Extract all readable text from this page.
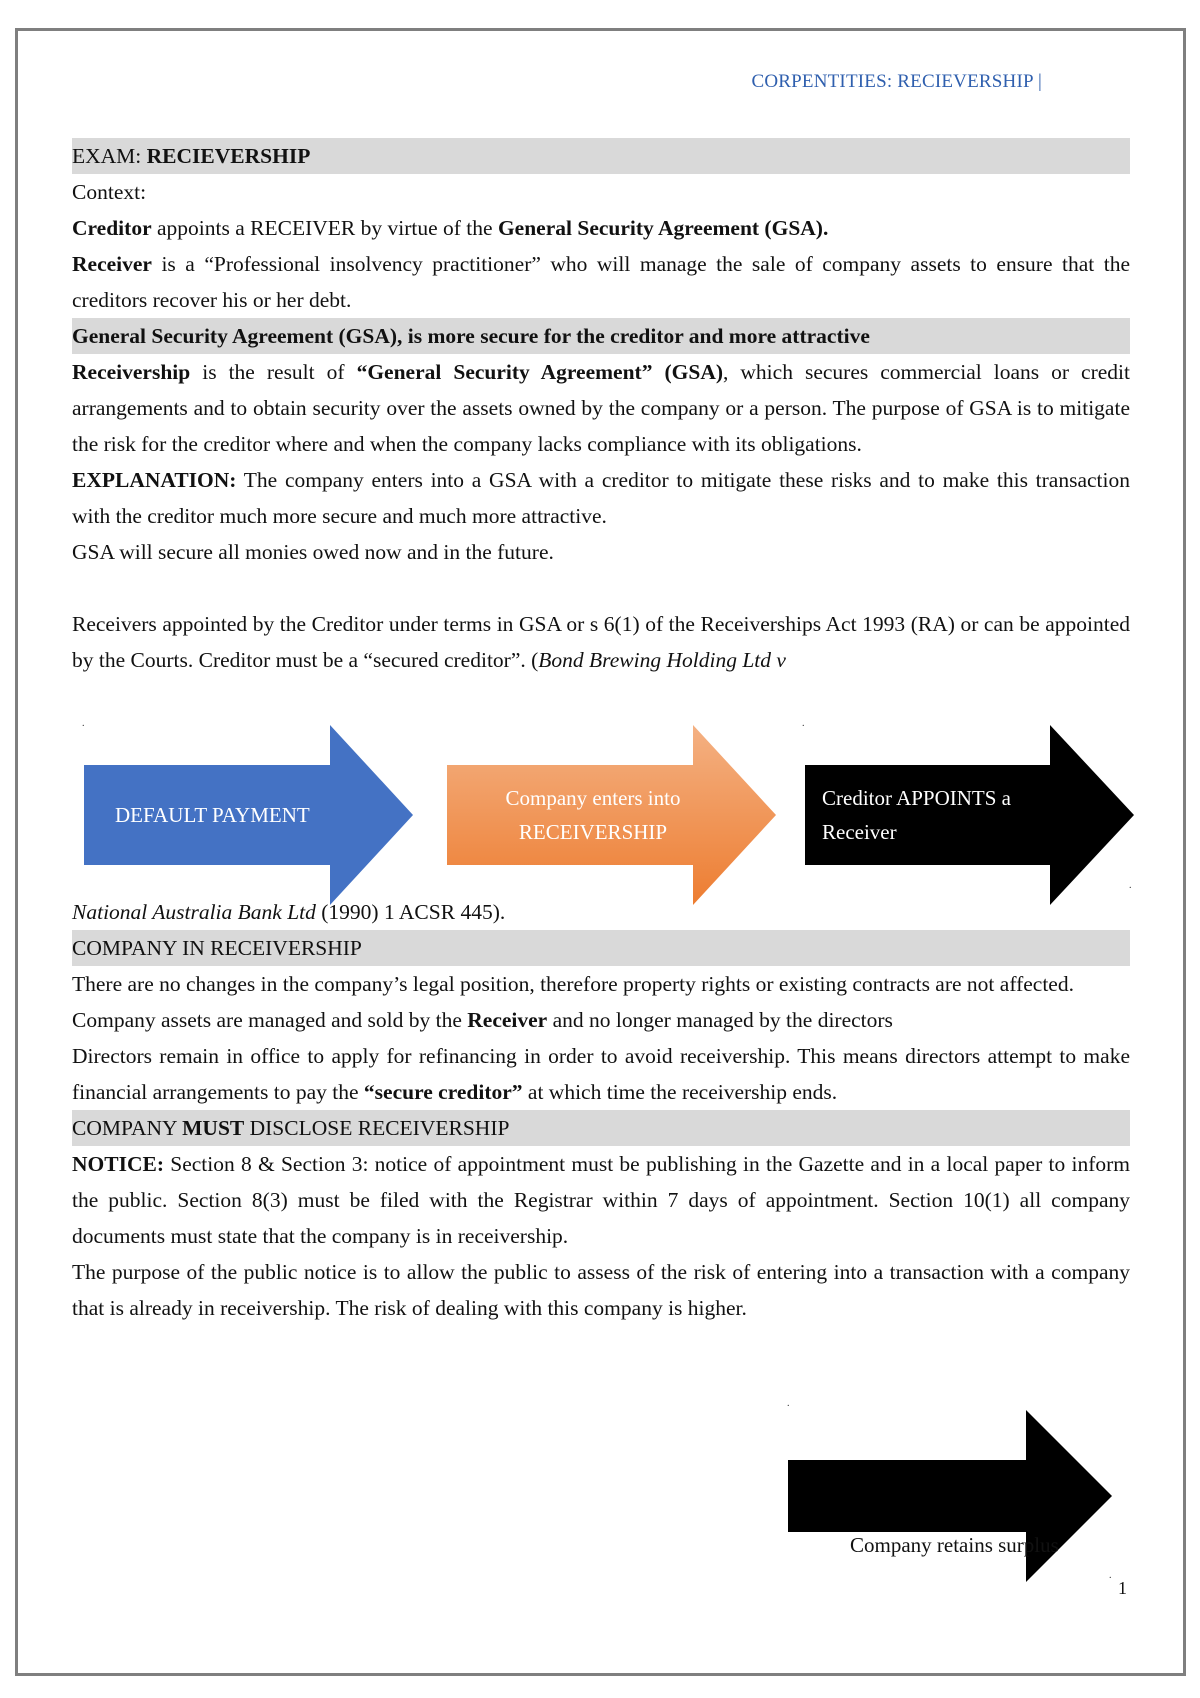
CORPENTITIES: RECIEVERSHIP |

EXAM: RECIEVERSHIP

Context:

Creditor appoints a RECEIVER by virtue of the General Security Agreement (GSA).

Receiver is a “Professional insolvency practitioner” who will manage the sale of company assets to ensure that the creditors recover his or her debt.

General Security Agreement (GSA), is more secure for the creditor and more attractive

Receivership is the result of “General Security Agreement” (GSA), which secures commercial loans or credit arrangements and to obtain security over the assets owned by the company or a person. The purpose of GSA is to mitigate the risk for the creditor where and when the company lacks compliance with its obligations.

EXPLANATION: The company enters into a GSA with a creditor to mitigate these risks and to make this transaction with the creditor much more secure and much more attractive.

GSA will secure all monies owed now and in the future.

Receivers appointed by the Creditor under terms in GSA or s 6(1) of the Receiverships Act 1993 (RA) or can be appointed by the Courts. Creditor must be a “secured creditor”. (Bond Brewing Holding Ltd v

DEFAULT PAYMENT
Company enters into
RECEIVERSHIP
Creditor APPOINTS a
Receiver

National Australia Bank Ltd (1990) 1 ACSR 445).

COMPANY IN RECEIVERSHIP

There are no changes in the company’s legal position, therefore property rights or existing contracts are not affected.

Company assets are managed and sold by the Receiver and no longer managed by the directors

Directors remain in office to apply for refinancing in order to avoid receivership. This means directors attempt to make financial arrangements to pay the “secure creditor” at which time the receivership ends.

COMPANY MUST DISCLOSE RECEIVERSHIP

NOTICE: Section 8 & Section 3: notice of appointment must be publishing in the Gazette and in a local paper to inform the public. Section 8(3) must be filed with the Registrar within 7 days of appointment. Section 10(1) all company documents must state that the company is in receivership.

The purpose of the public notice is to allow the public to assess of the risk of entering into a transaction with a company that is already in receivership. The risk of dealing with this company is higher.

Company retains surplus
.	.
.
.
.
1
